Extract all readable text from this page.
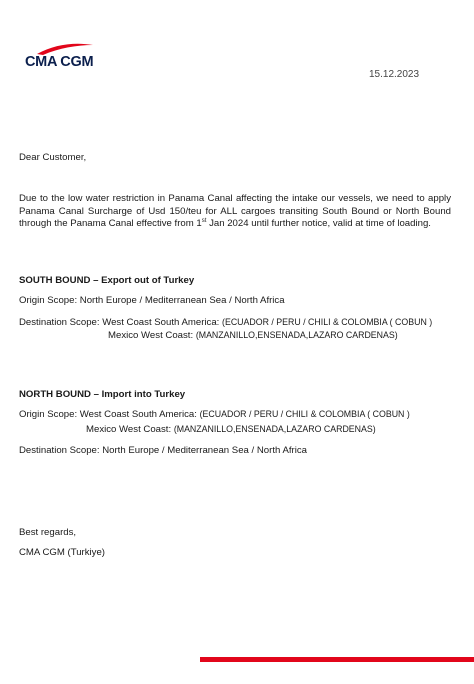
CMA CGM
15.12.2023
Dear Customer,
Due to the low water restriction in Panama Canal affecting the intake our vessels, we need to apply Panama Canal Surcharge of Usd 150/teu for ALL cargoes transiting South Bound or North Bound through the Panama Canal effective from 1st Jan 2024 until further notice, valid at time of loading.
SOUTH BOUND – Export out of Turkey
Origin Scope: North Europe / Mediterranean Sea / North Africa
Destination Scope: West Coast South America: (ECUADOR / PERU / CHILI & COLOMBIA ( COBUN )
Mexico West Coast: (MANZANILLO,ENSENADA,LAZARO CARDENAS)
NORTH BOUND – Import into Turkey
Origin Scope: West Coast South America: (ECUADOR / PERU / CHILI & COLOMBIA ( COBUN )
Mexico West Coast: (MANZANILLO,ENSENADA,LAZARO CARDENAS)
Destination Scope: North Europe / Mediterranean Sea / North Africa
Best regards,
CMA CGM (Turkiye)
